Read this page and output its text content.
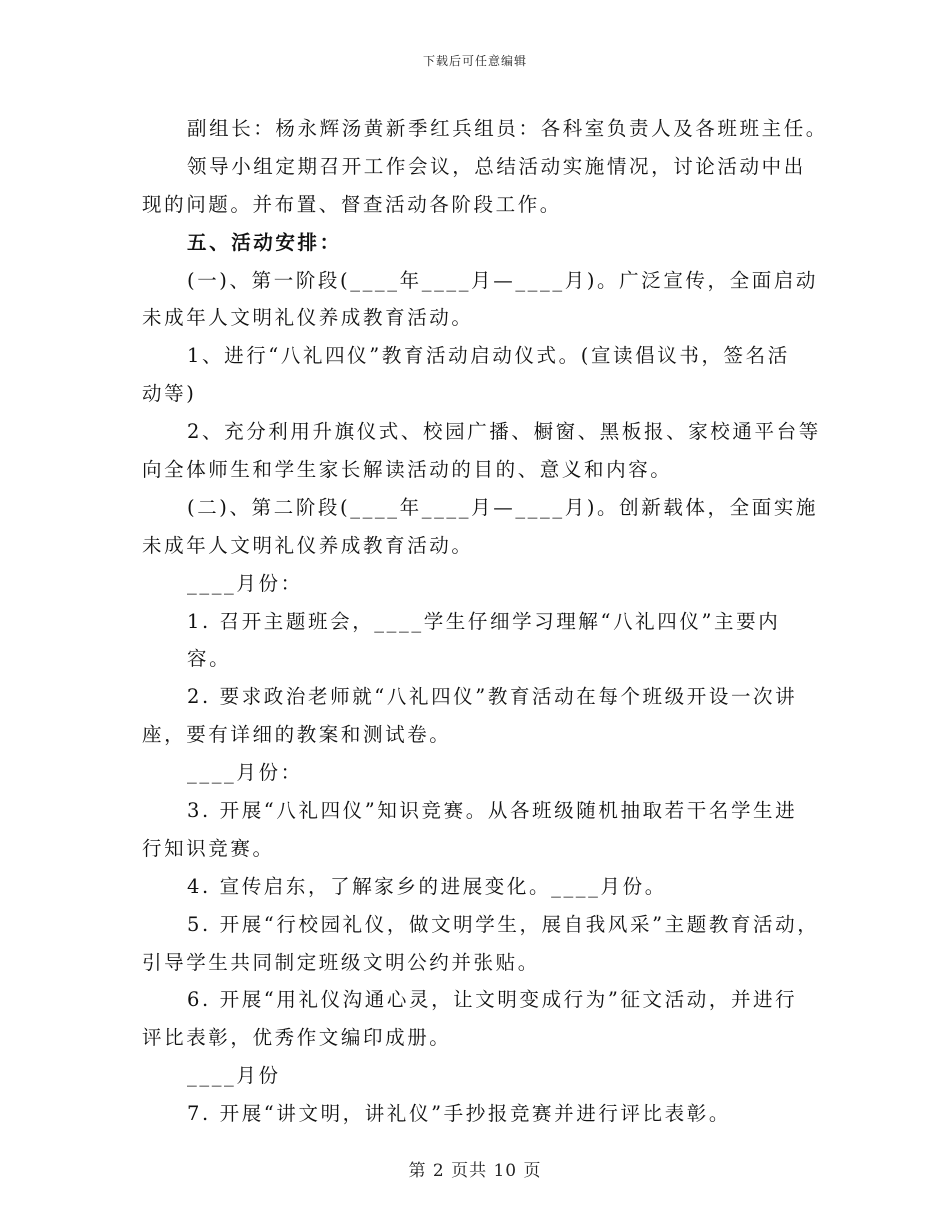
下载后可任意编辑
副组长：杨永辉汤黄新季红兵组员：各科室负责人及各班班主任。
领导小组定期召开工作会议，总结活动实施情况，讨论活动中出
现的问题。并布置、督查活动各阶段工作。
五、活动安排：
(一)、第一阶段(____年____月—____月)。广泛宣传，全面启动
未成年人文明礼仪养成教育活动。
1、进行“八礼四仪”教育活动启动仪式。(宣读倡议书，签名活
动等)
2、充分利用升旗仪式、校园广播、橱窗、黑板报、家校通平台等
向全体师生和学生家长解读活动的目的、意义和内容。
(二)、第二阶段(____年____月—____月)。创新载体，全面实施
未成年人文明礼仪养成教育活动。
____月份：
1. 召开主题班会，____学生仔细学习理解“八礼四仪”主要内
容。
2. 要求政治老师就“八礼四仪”教育活动在每个班级开设一次讲
座，要有详细的教案和测试卷。
____月份：
3. 开展“八礼四仪”知识竞赛。从各班级随机抽取若干名学生进
行知识竞赛。
4. 宣传启东，了解家乡的进展变化。____月份。
5. 开展“行校园礼仪，做文明学生，展自我风采”主题教育活动，
引导学生共同制定班级文明公约并张贴。
6. 开展“用礼仪沟通心灵，让文明变成行为”征文活动，并进行
评比表彰，优秀作文编印成册。
____月份
7. 开展“讲文明，讲礼仪”手抄报竞赛并进行评比表彰。
第 2 页共 10 页
